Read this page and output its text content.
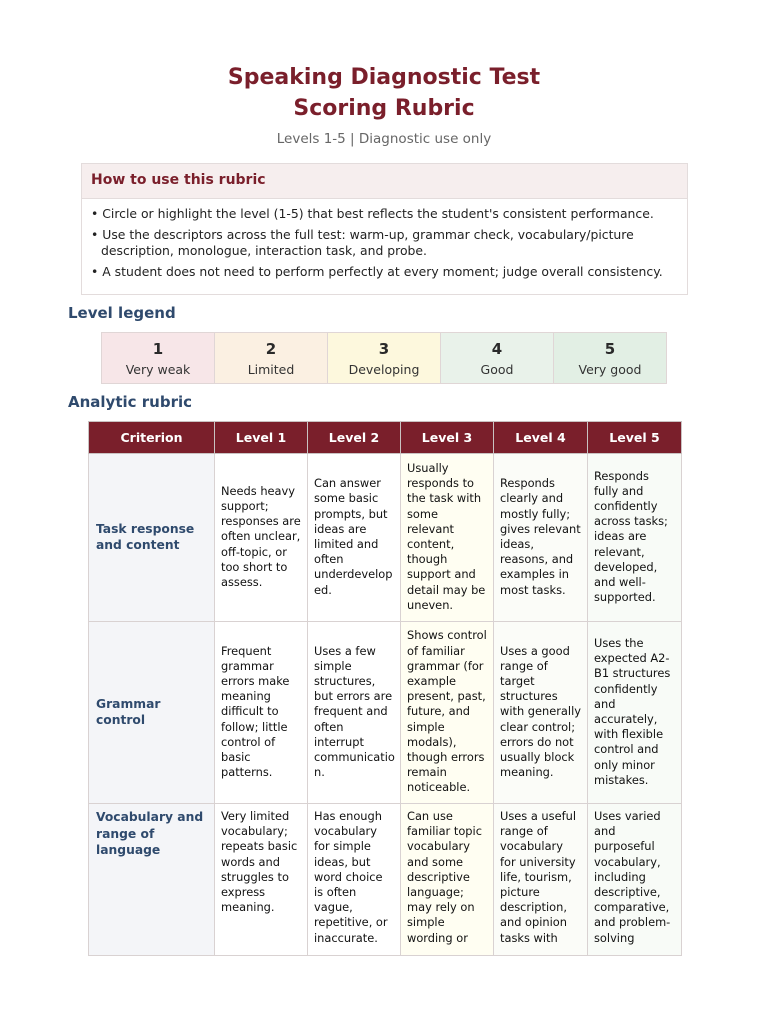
Speaking Diagnostic Test
Scoring Rubric
Levels 1-5 | Diagnostic use only
How to use this rubric
• Circle or highlight the level (1-5) that best reflects the student's consistent performance.
• Use the descriptors across the full test: warm-up, grammar check, vocabulary/picture description, monologue, interaction task, and probe.
• A student does not need to perform perfectly at every moment; judge overall consistency.
Level legend
1
Very weak
2
Limited
3
Developing
4
Good
5
Very good
Analytic rubric
Criterion	Level 1	Level 2	Level 3	Level 4	Level 5
Task response and content	Needs heavy support; responses are often unclear, off-topic, or too short to assess.	Can answer some basic prompts, but ideas are limited and often underdevelop ed.	Usually responds to the task with some relevant content, though support and detail may be uneven.	Responds clearly and mostly fully; gives relevant ideas, reasons, and examples in most tasks.	Responds fully and confidently across tasks; ideas are relevant, developed, and well-supported.
Grammar control	Frequent grammar errors make meaning difficult to follow; little control of basic patterns.	Uses a few simple structures, but errors are frequent and often interrupt communicatio n.	Shows control of familiar grammar (for example present, past, future, and simple modals), though errors remain noticeable.	Uses a good range of target structures with generally clear control; errors do not usually block meaning.	Uses the expected A2-B1 structures confidently and accurately, with flexible control and only minor mistakes.
Vocabulary and range of language	Very limited vocabulary; repeats basic words and struggles to express meaning.	Has enough vocabulary for simple ideas, but word choice is often vague, repetitive, or inaccurate.	Can use familiar topic vocabulary and some descriptive language; may rely on simple wording or	Uses a useful range of vocabulary for university life, tourism, picture description, and opinion tasks with	Uses varied and purposeful vocabulary, including descriptive, comparative, and problem-solving
